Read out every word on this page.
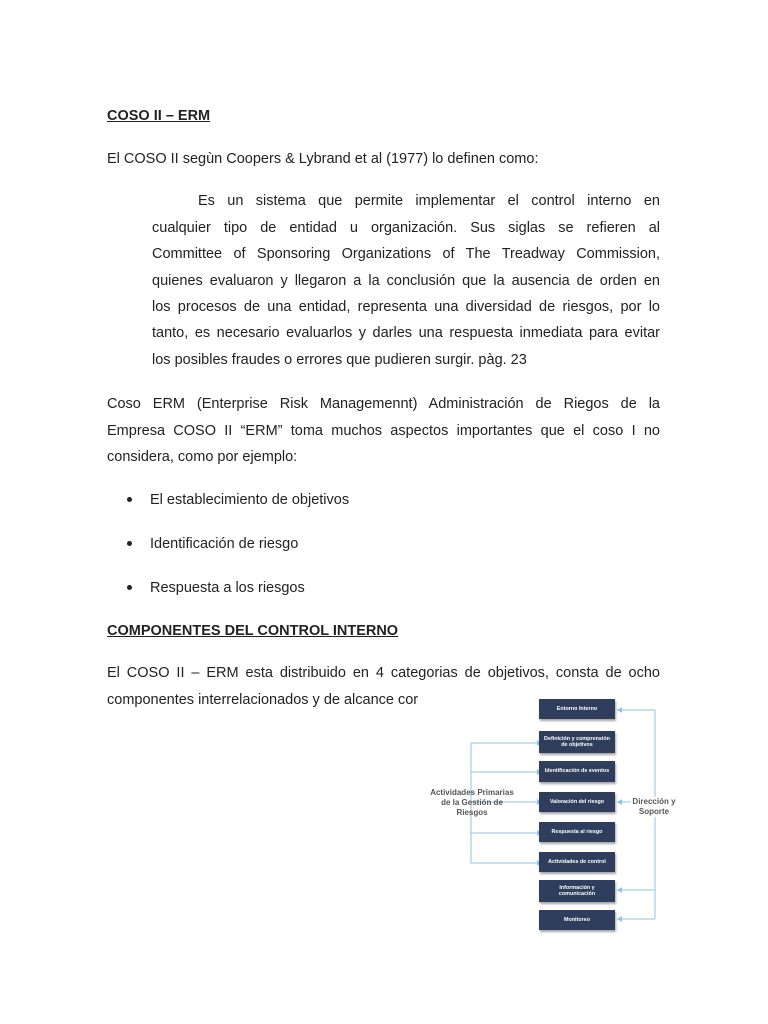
COSO II – ERM
El COSO II segùn Coopers & Lybrand et al (1977) lo definen como:
Es un sistema que permite implementar el control interno en
cualquier tipo de entidad u organización. Sus siglas se refieren al
Committee of Sponsoring Organizations of The Treadway Commission,
quienes evaluaron y llegaron a la conclusión que la ausencia de orden en
los procesos de una entidad, representa una diversidad de riesgos, por lo
tanto, es necesario evaluarlos y darles una respuesta inmediata para evitar
los posibles fraudes o errores que pudieren surgir. pàg. 23
Coso ERM (Enterprise Risk Managemennt) Administración de Riegos de la
Empresa COSO II “ERM” toma muchos aspectos importantes que el coso I no
considera, como por ejemplo:
El establecimiento de objetivos
Identificación de riesgo
Respuesta a los riesgos
COMPONENTES DEL CONTROL INTERNO
El COSO II – ERM esta distribuido en 4 categorias de objetivos, consta de ocho
componentes interrelacionados y de alcance cor
Entorno Interno
Definición y comprensión de objetivos
Identificación de eventos
Valoración del riesgo
Respuesta al riesgo
Actividades de control
Información y comunicación
Monitoreo
Actividades Primarias de la Gestión de Riesgos
Dirección y Soporte
